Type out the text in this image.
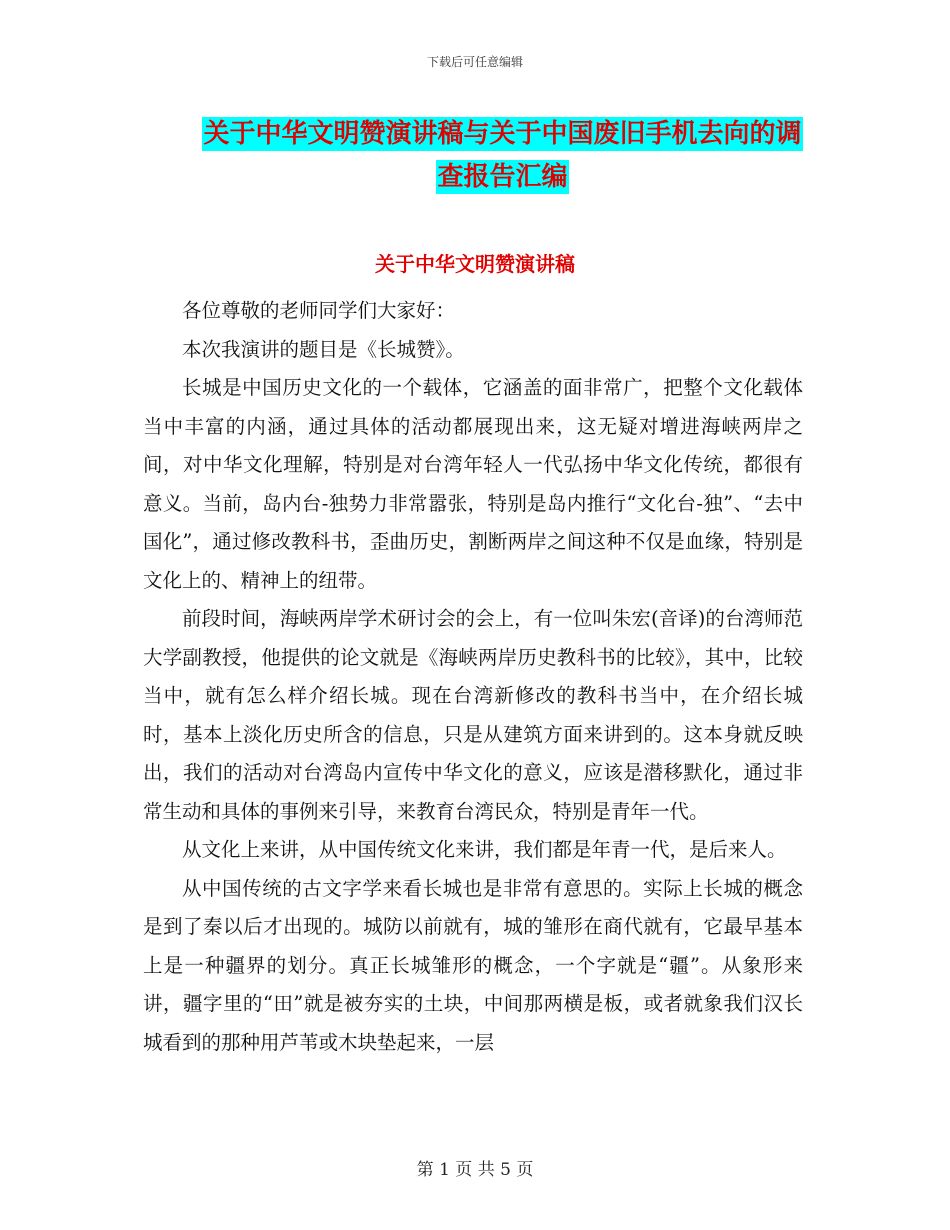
下载后可任意编辑
关于中华文明赞演讲稿与关于中国废旧手机去向的调
查报告汇编
关于中华文明赞演讲稿

各位尊敬的老师同学们大家好：

本次我演讲的题目是《长城赞》。

长城是中国历史文化的一个载体，它涵盖的面非常广，把整个文化载体当中丰富的内涵，通过具体的活动都展现出来，这无疑对增进海峡两岸之间，对中华文化理解，特别是对台湾年轻人一代弘扬中华文化传统，都很有意义。当前，岛内台-独势力非常嚣张，特别是岛内推行“文化台-独”、“去中国化”，通过修改教科书，歪曲历史，割断两岸之间这种不仅是血缘，特别是文化上的、精神上的纽带。

前段时间，海峡两岸学术研讨会的会上，有一位叫朱宏(音译)的台湾师范大学副教授，他提供的论文就是《海峡两岸历史教科书的比较》，其中，比较当中，就有怎么样介绍长城。现在台湾新修改的教科书当中，在介绍长城时，基本上淡化历史所含的信息，只是从建筑方面来讲到的。这本身就反映出，我们的活动对台湾岛内宣传中华文化的意义，应该是潜移默化，通过非常生动和具体的事例来引导，来教育台湾民众，特别是青年一代。

从文化上来讲，从中国传统文化来讲，我们都是年青一代，是后来人。

从中国传统的古文字学来看长城也是非常有意思的。实际上长城的概念是到了秦以后才出现的。城防以前就有，城的雏形在商代就有，它最早基本上是一种疆界的划分。真正长城雏形的概念，一个字就是“疆”。从象形来讲，疆字里的“田”就是被夯实的土块，中间那两横是板，或者就象我们汉长城看到的那种用芦苇或木块垫起来，一层

第 1 页 共 5 页
